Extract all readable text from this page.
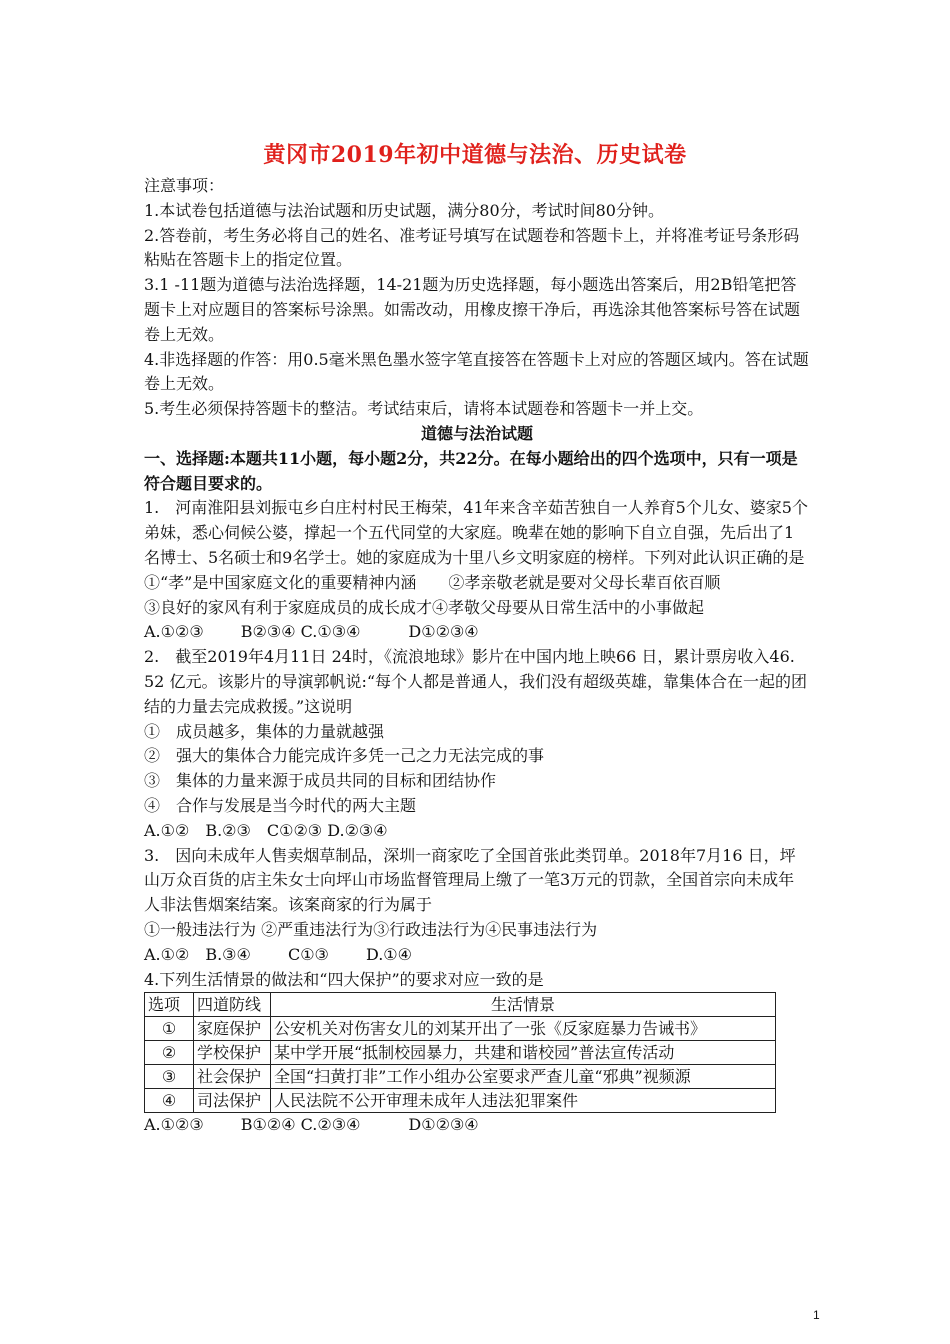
黄冈市2019年初中道德与法治、历史试卷

注意事项：

1.本试卷包括道德与法治试题和历史试题，满分80分，考试时间80分钟。

2.答卷前，考生务必将自己的姓名、准考证号填写在试题卷和答题卡上，并将准考证号条形码粘贴在答题卡上的指定位置。

3.1 -11题为道德与法治选择题，14-21题为历史选择题，每小题选出答案后，用2B铅笔把答题卡上对应题目的答案标号涂黑。如需改动，用橡皮擦干净后，再选涂其他答案标号答在试题卷上无效。

4.非选择题的作答：用0.5毫米黑色墨水签字笔直接答在答题卡上对应的答题区域内。答在试题卷上无效。

5.考生必须保持答题卡的整洁。考试结束后，请将本试题卷和答题卡一并上交。

道德与法治试题

一、选择题:本题共11小题，每小题2分，共22分。在每小题给出的四个选项中，只有一项是符合题目要求的。

1.　河南淮阳县刘振屯乡白庄村村民王梅荣，41年来含辛茹苦独自一人养育5个儿女、婆家5个弟妹，悉心伺候公婆，撑起一个五代同堂的大家庭。晚辈在她的影响下自立自强，先后出了1名博士、5名硕士和9名学士。她的家庭成为十里八乡文明家庭的榜样。下列对此认识正确的是

①“孝”是中国家庭文化的重要精神内涵　　②孝亲敬老就是要对父母长辈百依百顺

③良好的家风有利于家庭成员的成长成才④孝敬父母要从日常生活中的小事做起

A.①②③　　 B②③④ C.①③④　　　D①②③④

2.　截至2019年4月11日 24时，《流浪地球》影片在中国内地上映66 日，累计票房收入46. 52 亿元。该影片的导演郭帆说:“每个人都是普通人，我们没有超级英雄，靠集体合在一起的团结的力量去完成救援。”这说明

①　成员越多，集体的力量就越强

②　强大的集体合力能完成许多凭一己之力无法完成的事

③　集体的力量来源于成员共同的目标和团结协作

④　合作与发展是当今时代的两大主题

A.①②　B.②③　C①②③ D.②③④

3.　因向未成年人售卖烟草制品，深圳一商家吃了全国首张此类罚单。2018年7月16 日，坪山万众百货的店主朱女士向坪山市场监督管理局上缴了一笔3万元的罚款，全国首宗向未成年人非法售烟案结案。该案商家的行为属于

①一般违法行为 ②严重违法行为③行政违法行为④民事违法行为

A.①②　B.③④　　 C①③　　 D.①④

4.下列生活情景的做法和“四大保护”的要求对应一致的是

选项	四道防线	生活情景
①	家庭保护	公安机关对伤害女儿的刘某开出了一张《反家庭暴力告诫书》
②	学校保护	某中学开展“抵制校园暴力，共建和谐校园”普法宣传活动
③	社会保护	全国“扫黄打非”工作小组办公室要求严查儿童“邪典”视频源
④	司法保护	人民法院不公开审理未成年人违法犯罪案件

A.①②③　　 B①②④ C.②③④　　　D①②③④

1
